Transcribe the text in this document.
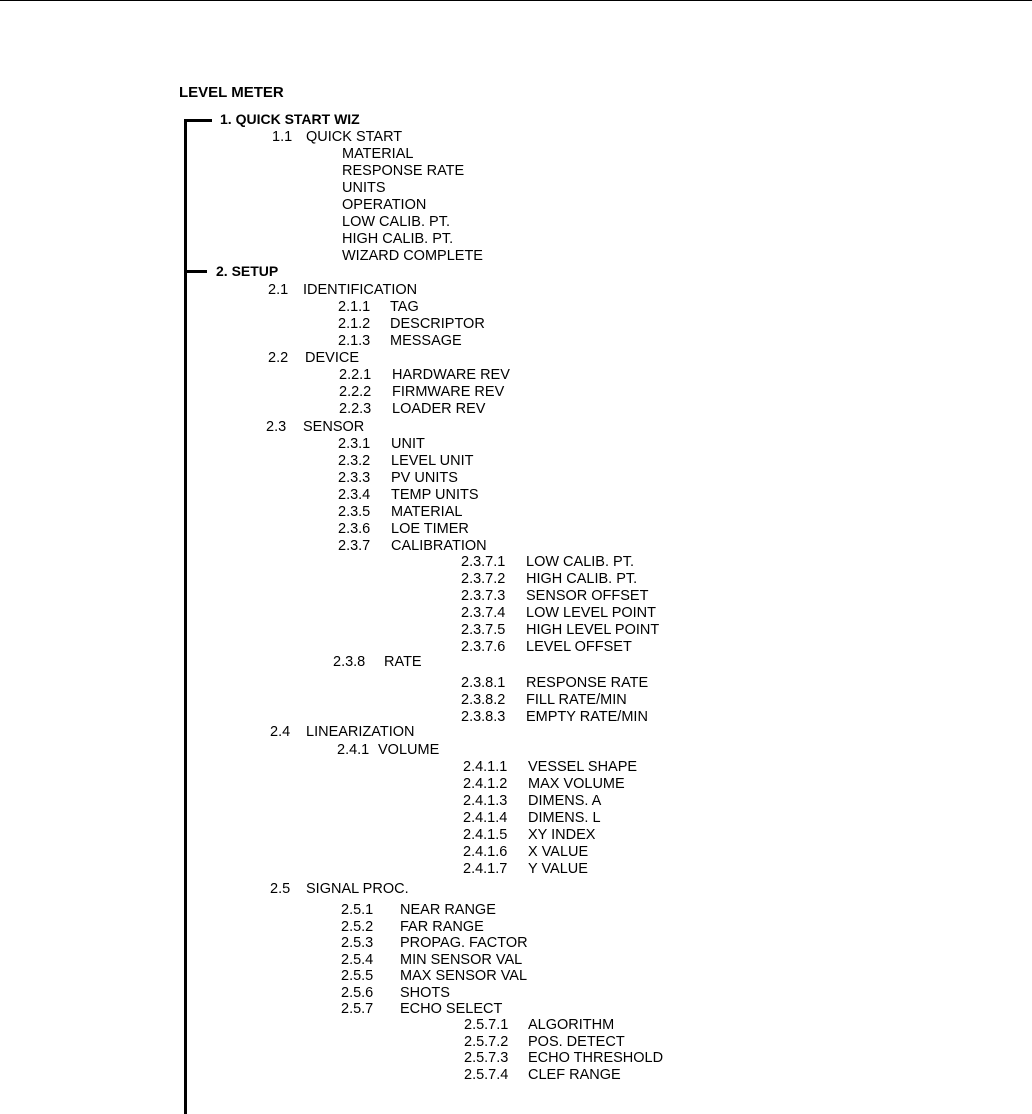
LEVEL METER
1. QUICK START WIZ
1.1 QUICK START
MATERIAL
RESPONSE RATE
UNITS
OPERATION
LOW CALIB. PT.
HIGH CALIB. PT.
WIZARD COMPLETE
2. SETUP
2.1 IDENTIFICATION
2.1.1 TAG
2.1.2 DESCRIPTOR
2.1.3 MESSAGE
2.2 DEVICE
2.2.1 HARDWARE REV
2.2.2 FIRMWARE REV
2.2.3 LOADER REV
2.3 SENSOR
2.3.1 UNIT
2.3.2 LEVEL UNIT
2.3.3 PV UNITS
2.3.4 TEMP UNITS
2.3.5 MATERIAL
2.3.6 LOE TIMER
2.3.7 CALIBRATION
2.3.7.1 LOW CALIB. PT.
2.3.7.2 HIGH CALIB. PT.
2.3.7.3 SENSOR OFFSET
2.3.7.4 LOW LEVEL POINT
2.3.7.5 HIGH LEVEL POINT
2.3.7.6 LEVEL OFFSET
2.3.8 RATE
2.3.8.1 RESPONSE RATE
2.3.8.2 FILL RATE/MIN
2.3.8.3 EMPTY RATE/MIN
2.4 LINEARIZATION
2.4.1 VOLUME
2.4.1.1 VESSEL SHAPE
2.4.1.2 MAX VOLUME
2.4.1.3 DIMENS. A
2.4.1.4 DIMENS. L
2.4.1.5 XY INDEX
2.4.1.6 X VALUE
2.4.1.7 Y VALUE
2.5 SIGNAL PROC.
2.5.1 NEAR RANGE
2.5.2 FAR RANGE
2.5.3 PROPAG. FACTOR
2.5.4 MIN SENSOR VAL
2.5.5 MAX SENSOR VAL
2.5.6 SHOTS
2.5.7 ECHO SELECT
2.5.7.1 ALGORITHM
2.5.7.2 POS. DETECT
2.5.7.3 ECHO THRESHOLD
2.5.7.4 CLEF RANGE
